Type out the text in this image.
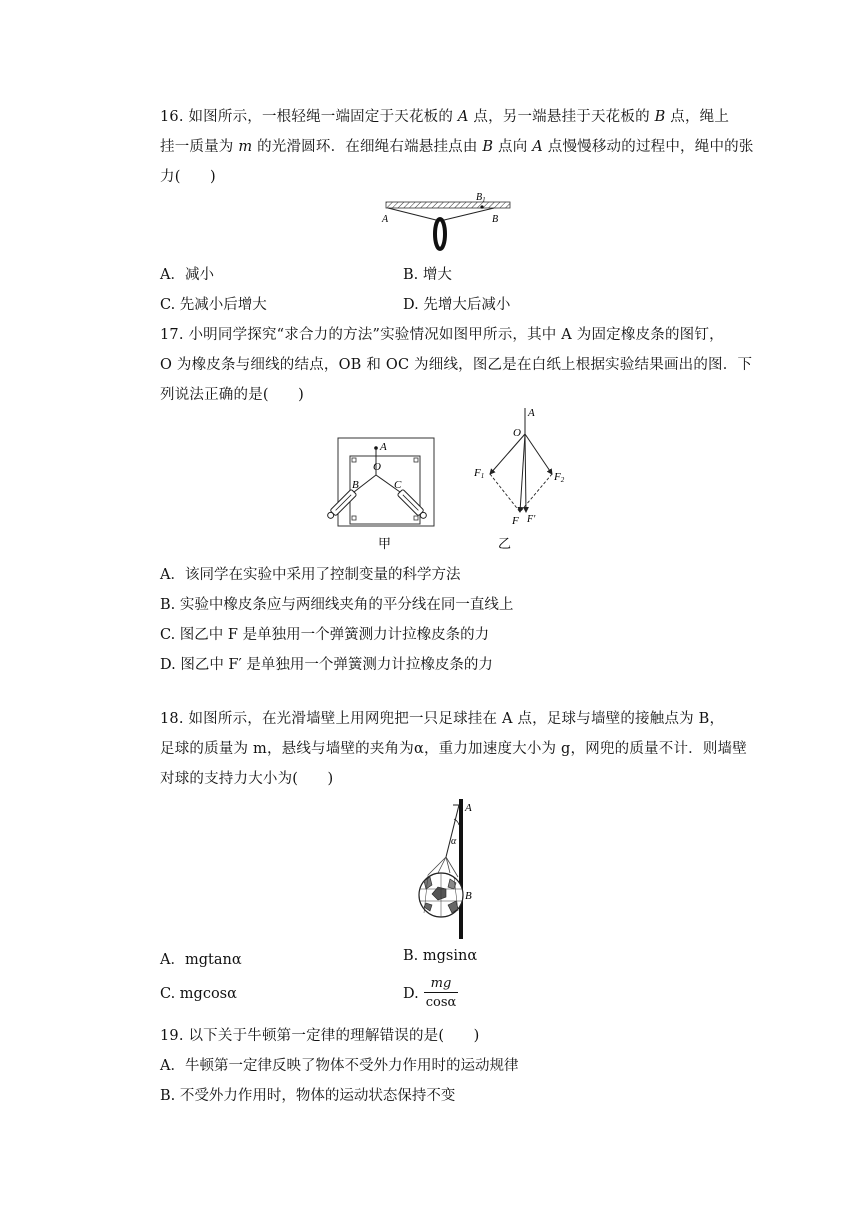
16. 如图所示，一根轻绳一端固定于天花板的 A 点，另一端悬挂于天花板的 B 点，绳上
挂一质量为 m 的光滑圆环．在细绳右端悬挂点由 B 点向 A 点慢慢移动的过程中，绳中的张
力(　　)
A	B
$B_1$
A．减小	B. 增大
C. 先减小后增大	D. 先增大后减小
17. 小明同学探究“求合力的方法”实验情况如图甲所示，其中 A 为固定橡皮条的图钉，
O 为橡皮条与细线的结点，OB 和 OC 为细线，图乙是在白纸上根据实验结果画出的图．下
列说法正确的是(　　)
A
O
B	C
甲
A
O
F1	F2
F F'
乙
A．该同学在实验中采用了控制变量的科学方法
B. 实验中橡皮条应与两细线夹角的平分线在同一直线上
C. 图乙中 F 是单独用一个弹簧测力计拉橡皮条的力
D. 图乙中 F′ 是单独用一个弹簧测力计拉橡皮条的力
18. 如图所示，在光滑墙壁上用网兜把一只足球挂在 A 点，足球与墙壁的接触点为 B，
足球的质量为 m，悬线与墙壁的夹角为α，重力加速度大小为 g，网兜的质量不计．则墙壁
对球的支持力大小为(　　)
A
α
B
A．mgtanα	B. mgsinα
C. mgcosα	D. $\frac{mg}{\cos\alpha}$
19. 以下关于牛顿第一定律的理解错误的是(　　)
A．牛顿第一定律反映了物体不受外力作用时的运动规律
B. 不受外力作用时，物体的运动状态保持不变
